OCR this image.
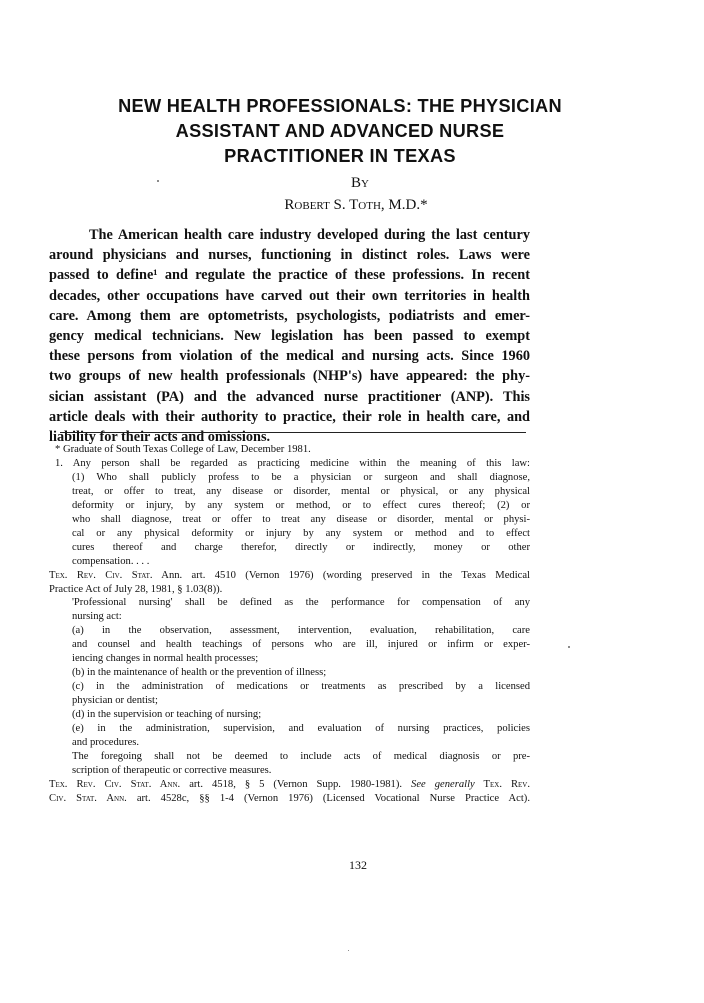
NEW HEALTH PROFESSIONALS: THE PHYSICIAN
ASSISTANT AND ADVANCED NURSE
PRACTITIONER IN TEXAS

By

Robert S. Toth, M.D.*

The American health care industry developed during the last century
around physicians and nurses, functioning in distinct roles. Laws were
passed to define¹ and regulate the practice of these professions. In recent
decades, other occupations have carved out their own territories in health
care. Among them are optometrists, psychologists, podiatrists and emer-
gency medical technicians. New legislation has been passed to exempt
these persons from violation of the medical and nursing acts. Since 1960
two groups of new health professionals (NHP's) have appeared: the phy-
sician assistant (PA) and the advanced nurse practitioner (ANP). This
article deals with their authority to practice, their role in health care, and
liability for their acts and omissions.
* Graduate of South Texas College of Law, December 1981.
1. Any person shall be regarded as practicing medicine within the meaning of this law:
(1) Who shall publicly profess to be a physician or surgeon and shall diagnose,
treat, or offer to treat, any disease or disorder, mental or physical, or any physical
deformity or injury, by any system or method, or to effect cures thereof; (2) or
who shall diagnose, treat or offer to treat any disease or disorder, mental or physi-
cal or any physical deformity or injury by any system or method and to effect
cures thereof and charge therefor, directly or indirectly, money or other
compensation. . . .
Tex. Rev. Civ. Stat. Ann. art. 4510 (Vernon 1976) (wording preserved in the Texas Medical
Practice Act of July 28, 1981, § 1.03(8)).
'Professional nursing' shall be defined as the performance for compensation of any
nursing act:
(a) in the observation, assessment, intervention, evaluation, rehabilitation, care
and counsel and health teachings of persons who are ill, injured or infirm or exper-
iencing changes in normal health processes;
(b) in the maintenance of health or the prevention of illness;
(c) in the administration of medications or treatments as prescribed by a licensed
physician or dentist;
(d) in the supervision or teaching of nursing;
(e) in the administration, supervision, and evaluation of nursing practices, policies
and procedures.
The foregoing shall not be deemed to include acts of medical diagnosis or pre-
scription of therapeutic or corrective measures.
Tex. Rev. Civ. Stat. Ann. art. 4518, § 5 (Vernon Supp. 1980-1981). See generally Tex. Rev.
Civ. Stat. Ann. art. 4528c, §§ 1-4 (Vernon 1976) (Licensed Vocational Nurse Practice Act).

132
